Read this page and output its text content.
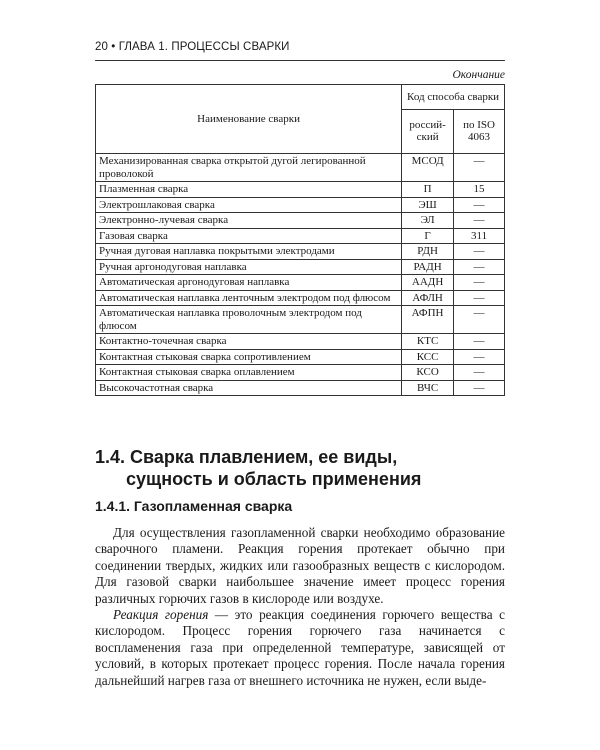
20 • ГЛАВА 1. ПРОЦЕССЫ СВАРКИ
Окончание
Наименование сварки	Код способа сварки	
	россий-ский	по ISO 4063
Механизированная сварка открытой дугой легированной проволокой	МСОД	—
Плазменная сварка	П	15
Электрошлаковая сварка	ЭШ	—
Электронно-лучевая сварка	ЭЛ	—
Газовая сварка	Г	311
Ручная дуговая наплавка покрытыми электродами	РДН	—
Ручная аргонодуговая наплавка	РАДН	—
Автоматическая аргонодуговая наплавка	ААДН	—
Автоматическая наплавка ленточным электродом под флюсом	АФЛН	—
Автоматическая наплавка проволочным электродом под флюсом	АФПН	—
Контактно-точечная сварка	КТС	—
Контактная стыковая сварка сопротивлением	КСС	—
Контактная стыковая сварка оплавлением	КСО	—
Высокочастотная сварка	ВЧС	—
1.4. Сварка плавлением, ее виды,
сущность и область применения
1.4.1. Газопламенная сварка

Для осуществления газопламенной сварки необходимо образование сварочного пламени. Реакция горения протекает обычно при соединении твердых, жидких или газообразных веществ с кислородом. Для газовой сварки наибольшее значение имеет процесс горения различных горючих газов в кислороде или воздухе.

Реакция горения — это реакция соединения горючего вещества с кислородом. Процесс горения горючего газа начинается с воспламенения газа при определенной температуре, зависящей от условий, в которых протекает процесс горения. После начала горения дальнейший нагрев газа от внешнего источника не нужен, если выде-
